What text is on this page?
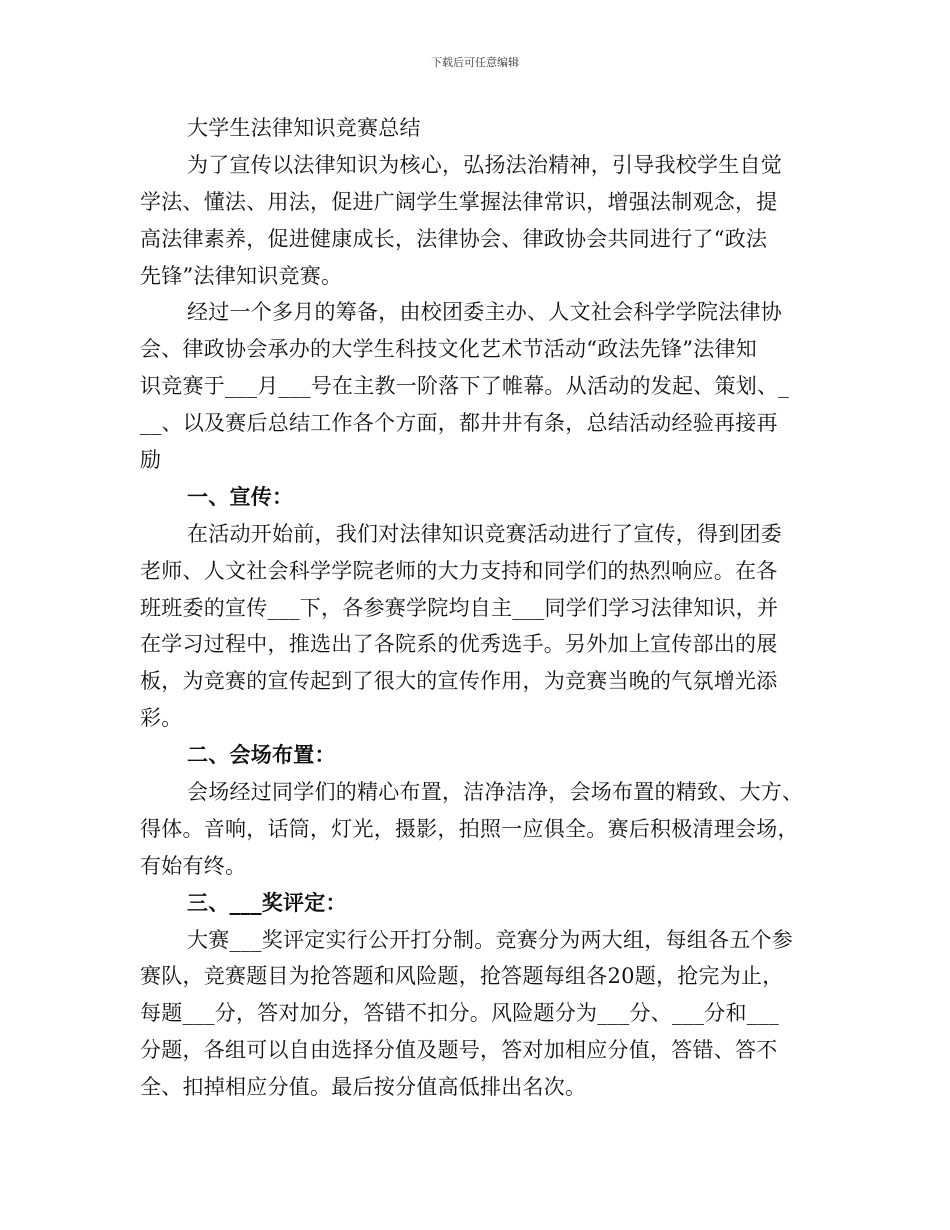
下载后可任意编辑
大学生法律知识竞赛总结
为了宣传以法律知识为核心，弘扬法治精神，引导我校学生自觉
学法、懂法、用法，促进广阔学生掌握法律常识，增强法制观念，提
高法律素养，促进健康成长，法律协会、律政协会共同进行了“政法
先锋”法律知识竞赛。
经过一个多月的筹备，由校团委主办、人文社会科学学院法律协
会、律政协会承办的大学生科技文化艺术节活动“政法先锋”法律知
识竞赛于___月___号在主教一阶落下了帷幕。从活动的发起、策划、_
__、以及赛后总结工作各个方面，都井井有条，总结活动经验再接再
励
一、宣传：
在活动开始前，我们对法律知识竞赛活动进行了宣传，得到团委
老师、人文社会科学学院老师的大力支持和同学们的热烈响应。在各
班班委的宣传___下，各参赛学院均自主___同学们学习法律知识，并
在学习过程中，推选出了各院系的优秀选手。另外加上宣传部出的展
板，为竞赛的宣传起到了很大的宣传作用，为竞赛当晚的气氛增光添
彩。
二、会场布置：
会场经过同学们的精心布置，洁净洁净，会场布置的精致、大方、
得体。音响，话筒，灯光，摄影，拍照一应俱全。赛后积极清理会场，
有始有终。
三、___奖评定：
大赛___奖评定实行公开打分制。竞赛分为两大组，每组各五个参
赛队，竞赛题目为抢答题和风险题，抢答题每组各20题，抢完为止，
每题___分，答对加分，答错不扣分。风险题分为___分、___分和___
分题，各组可以自由选择分值及题号，答对加相应分值，答错、答不
全、扣掉相应分值。最后按分值高低排出名次。
